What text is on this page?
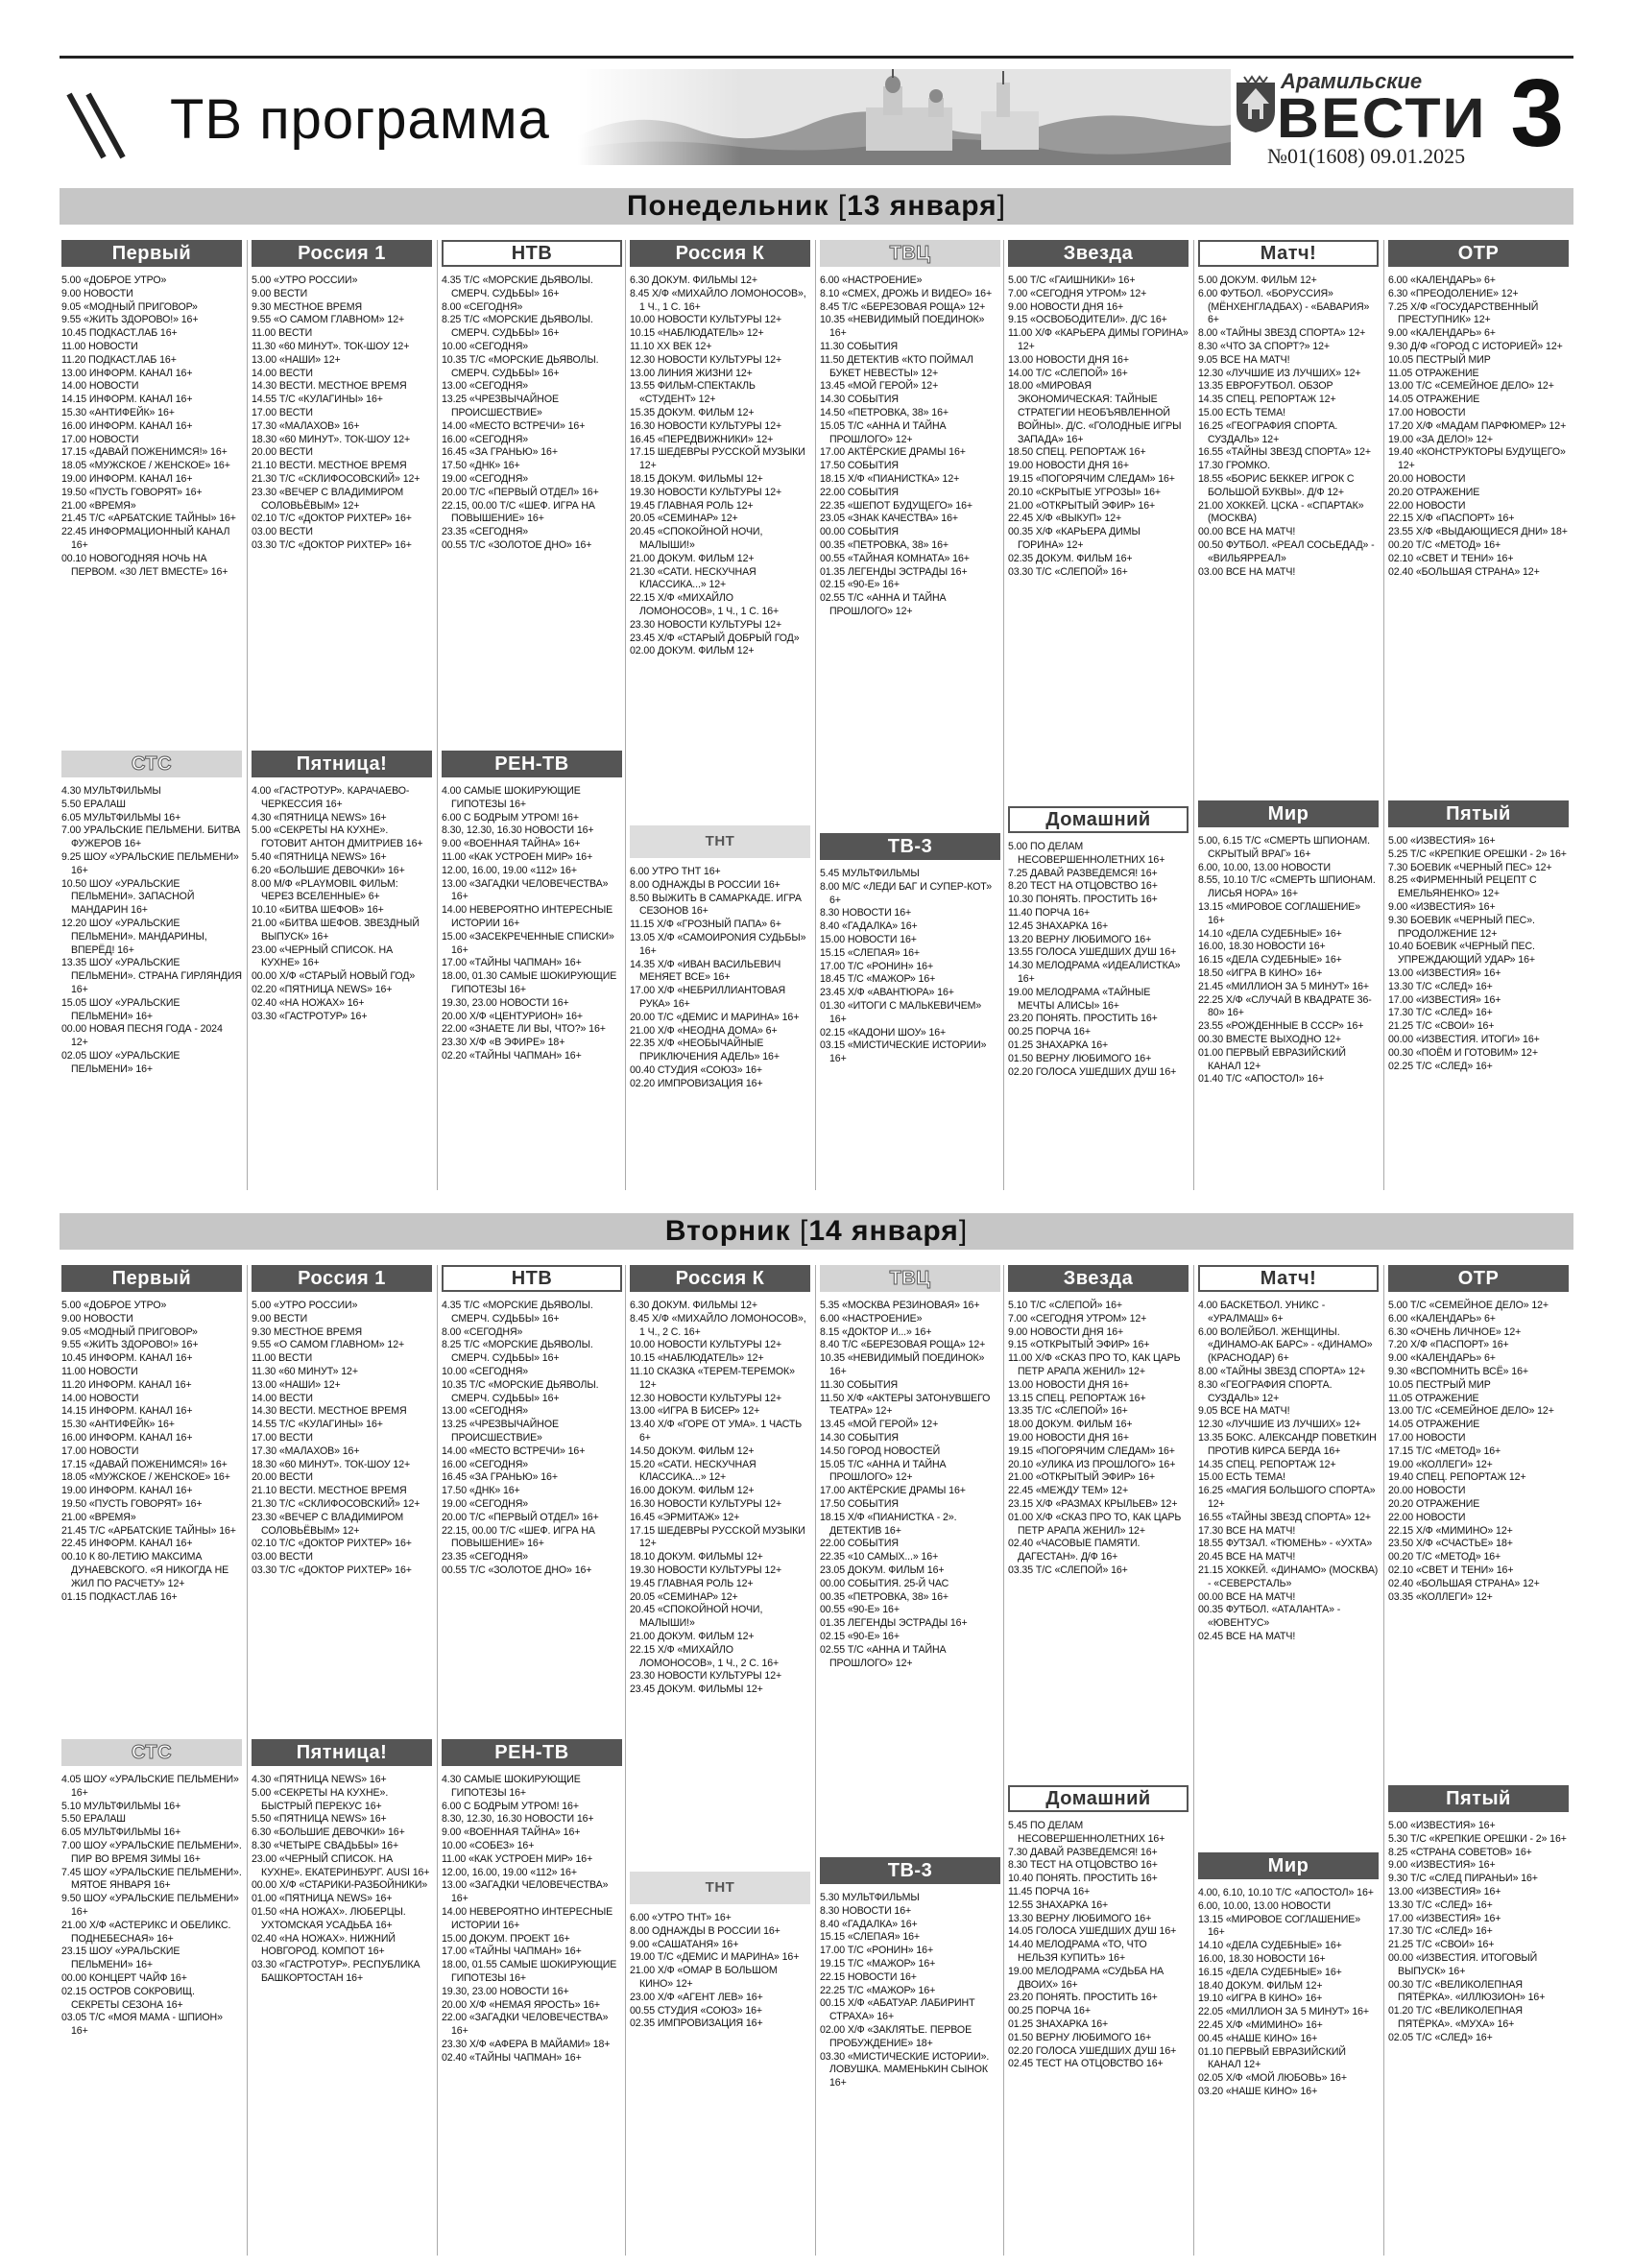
ТВ программа
Арамильские
ВЕСТИ
№01(1608) 09.01.2025 3
Понедельник [13 января]
Первый
5.00 «ДОБРОЕ УТРО»
9.00 НОВОСТИ
9.05 «МОДНЫЙ ПРИГОВОР»
9.55 «ЖИТЬ ЗДОРОВО!» 16+
10.45 ПОДКАСТ.ЛАБ 16+
11.00 НОВОСТИ
11.20 ПОДКАСТ.ЛАБ 16+
13.00 ИНФОРМ. КАНАЛ 16+
14.00 НОВОСТИ
14.15 ИНФОРМ. КАНАЛ 16+
15.30 «АНТИФЕЙК» 16+
16.00 ИНФОРМ. КАНАЛ 16+
17.00 НОВОСТИ
17.15 «ДАВАЙ ПОЖЕНИМСЯ!» 16+
18.05 «МУЖСКОЕ / ЖЕНСКОЕ» 16+
19.00 ИНФОРМ. КАНАЛ 16+
19.50 «ПУСТЬ ГОВОРЯТ» 16+
21.00 «ВРЕМЯ»
21.45 Т/С «АРБАТСКИЕ ТАЙНЫ» 16+
22.45 ИНФОРМАЦИОННЫЙ КАНАЛ 16+
00.10 НОВОГОДНЯЯ НОЧЬ НА ПЕРВОМ. «30 ЛЕТ ВМЕСТЕ» 16+
СТС
4.30 МУЛЬТФИЛЬМЫ
5.50 ЕРАЛАШ
6.05 МУЛЬТФИЛЬМЫ 16+
7.00 УРАЛЬСКИЕ ПЕЛЬМЕНИ. БИТВА ФУЖЕРОВ 16+
9.25 ШОУ «УРАЛЬСКИЕ ПЕЛЬМЕНИ» 16+
10.50 ШОУ «УРАЛЬСКИЕ ПЕЛЬМЕНИ». ЗАПАСНОЙ МАНДАРИН 16+
12.20 ШОУ «УРАЛЬСКИЕ ПЕЛЬМЕНИ». МАНДАРИНЫ, ВПЕРЁД! 16+
13.35 ШОУ «УРАЛЬСКИЕ ПЕЛЬМЕНИ». СТРАНА ГИРЛЯНДИЯ 16+
15.05 ШОУ «УРАЛЬСКИЕ ПЕЛЬМЕНИ» 16+
00.00 НОВАЯ ПЕСНЯ ГОДА - 2024 12+
02.05 ШОУ «УРАЛЬСКИЕ ПЕЛЬМЕНИ» 16+
Россия 1
5.00 «УТРО РОССИИ»
9.00 ВЕСТИ
9.30 МЕСТНОЕ ВРЕМЯ
9.55 «О САМОМ ГЛАВНОМ» 12+
11.00 ВЕСТИ
11.30 «60 МИНУТ». ТОК-ШОУ 12+
13.00 «НАШИ» 12+
14.00 ВЕСТИ
14.30 ВЕСТИ. МЕСТНОЕ ВРЕМЯ
14.55 Т/С «КУЛАГИНЫ» 16+
17.00 ВЕСТИ
17.30 «МАЛАХОВ» 16+
18.30 «60 МИНУТ». ТОК-ШОУ 12+
20.00 ВЕСТИ
21.10 ВЕСТИ. МЕСТНОЕ ВРЕМЯ
21.30 Т/С «СКЛИФОСОВСКИЙ» 12+
23.30 «ВЕЧЕР С ВЛАДИМИРОМ СОЛОВЬЁВЫМ» 12+
02.10 Т/С «ДОКТОР РИХТЕР» 16+
03.00 ВЕСТИ
03.30 Т/С «ДОКТОР РИХТЕР» 16+
Пятница!
4.00 «ГАСТРОТУР». КАРАЧАЕВО-ЧЕРКЕССИЯ 16+
4.30 «ПЯТНИЦА NEWS» 16+
5.00 «СЕКРЕТЫ НА КУХНЕ». ГОТОВИТ АНТОН ДМИТРИЕВ 16+
5.40 «ПЯТНИЦА NEWS» 16+
6.20 «БОЛЬШИЕ ДЕВОЧКИ» 16+
8.00 М/Ф «PLAYMOBIL ФИЛЬМ: ЧЕРЕЗ ВСЕЛЕННЫЕ» 6+
10.10 «БИТВА ШЕФОВ» 16+
21.00 «БИТВА ШЕФОВ. ЗВЕЗДНЫЙ ВЫПУСК» 16+
23.00 «ЧЕРНЫЙ СПИСОК. НА КУХНЕ» 16+
00.00 Х/Ф «СТАРЫЙ НОВЫЙ ГОД»
02.20 «ПЯТНИЦА NEWS» 16+
02.40 «НА НОЖАХ» 16+
03.30 «ГАСТРОТУР» 16+
НТВ
4.35 Т/С «МОРСКИЕ ДЬЯВОЛЫ. СМЕРЧ. СУДЬБЫ» 16+
8.00 «СЕГОДНЯ»
8.25 Т/С «МОРСКИЕ ДЬЯВОЛЫ. СМЕРЧ. СУДЬБЫ» 16+
10.00 «СЕГОДНЯ»
10.35 Т/С «МОРСКИЕ ДЬЯВОЛЫ. СМЕРЧ. СУДЬБЫ» 16+
13.00 «СЕГОДНЯ»
13.25 «ЧРЕЗВЫЧАЙНОЕ ПРОИСШЕСТВИЕ»
14.00 «МЕСТО ВСТРЕЧИ» 16+
16.00 «СЕГОДНЯ»
16.45 «ЗА ГРАНЬЮ» 16+
17.50 «ДНК» 16+
19.00 «СЕГОДНЯ»
20.00 Т/С «ПЕРВЫЙ ОТДЕЛ» 16+
22.15, 00.00 Т/С «ШЕФ. ИГРА НА ПОВЫШЕНИЕ» 16+
23.35 «СЕГОДНЯ»
00.55 Т/С «ЗОЛОТОЕ ДНО» 16+
РЕН-ТВ
4.00 САМЫЕ ШОКИРУЮЩИЕ ГИПОТЕЗЫ 16+
6.00 С БОДРЫМ УТРОМ! 16+
8.30, 12.30, 16.30 НОВОСТИ 16+
9.00 «ВОЕННАЯ ТАЙНА» 16+
11.00 «КАК УСТРОЕН МИР» 16+
12.00, 16.00, 19.00 «112» 16+
13.00 «ЗАГАДКИ ЧЕЛОВЕЧЕСТВА» 16+
14.00 НЕВЕРОЯТНО ИНТЕРЕСНЫЕ ИСТОРИИ 16+
15.00 «ЗАСЕКРЕЧЕННЫЕ СПИСКИ» 16+
17.00 «ТАЙНЫ ЧАПМАН» 16+
18.00, 01.30 САМЫЕ ШОКИРУЮЩИЕ ГИПОТЕЗЫ 16+
19.30, 23.00 НОВОСТИ 16+
20.00 Х/Ф «ЦЕНТУРИОН» 16+
22.00 «ЗНАЕТЕ ЛИ ВЫ, ЧТО?» 16+
23.30 Х/Ф «В ЭФИРЕ» 18+
02.20 «ТАЙНЫ ЧАПМАН» 16+
Россия К
6.30 ДОКУМ. ФИЛЬМЫ 12+
8.45 Х/Ф «МИХАЙЛО ЛОМОНОСОВ», 1 Ч., 1 С. 16+
10.00 НОВОСТИ КУЛЬТУРЫ 12+
10.15 «НАБЛЮДАТЕЛЬ» 12+
11.10 ХХ ВЕК 12+
12.30 НОВОСТИ КУЛЬТУРЫ 12+
13.00 ЛИНИЯ ЖИЗНИ 12+
13.55 ФИЛЬМ-СПЕКТАКЛЬ «СТУДЕНТ» 12+
15.35 ДОКУМ. ФИЛЬМ 12+
16.30 НОВОСТИ КУЛЬТУРЫ 12+
16.45 «ПЕРЕДВИЖНИКИ» 12+
17.15 ШЕДЕВРЫ РУССКОЙ МУЗЫКИ 12+
18.15 ДОКУМ. ФИЛЬМЫ 12+
19.30 НОВОСТИ КУЛЬТУРЫ 12+
19.45 ГЛАВНАЯ РОЛЬ 12+
20.05 «СЕМИНАР» 12+
20.45 «СПОКОЙНОЙ НОЧИ, МАЛЫШИ!»
21.00 ДОКУМ. ФИЛЬМ 12+
21.30 «САТИ. НЕСКУЧНАЯ КЛАССИКА...» 12+
22.15 Х/Ф «МИХАЙЛО ЛОМОНОСОВ», 1 Ч., 1 С. 16+
23.30 НОВОСТИ КУЛЬТУРЫ 12+
23.45 Х/Ф «СТАРЫЙ ДОБРЫЙ ГОД»
02.00 ДОКУМ. ФИЛЬМ 12+
ТНТ
6.00 УТРО ТНТ 16+
8.00 ОДНАЖДЫ В РОССИИ 16+
8.50 ВЫЖИТЬ В САМАРКАДЕ. ИГРА СЕЗОНОВ 16+
11.15 Х/Ф «ГРОЗНЫЙ ПАПА» 6+
13.05 Х/Ф «САМОИРОNИЯ СУДЬБЫ» 16+
14.35 Х/Ф «ИВАН ВАСИЛЬЕВИЧ МЕНЯЕТ ВСЕ» 16+
17.00 Х/Ф «НЕБРИЛЛИАНТОВАЯ РУКА» 16+
20.00 Т/С «ДЕМИС И МАРИНА» 16+
21.00 Х/Ф «НЕОДНА ДОМА» 6+
22.35 Х/Ф «НЕОБЫЧАЙНЫЕ ПРИКЛЮЧЕНИЯ АДЕЛЬ» 16+
00.40 СТУДИЯ «СОЮЗ» 16+
02.20 ИМПРОВИЗАЦИЯ 16+
ТВЦ
6.00 «НАСТРОЕНИЕ»
8.10 «СМЕХ, ДРОЖЬ И ВИДЕО» 16+
8.45 Т/С «БЕРЕЗОВАЯ РОЩА» 12+
10.35 «НЕВИДИМЫЙ ПОЕДИНОК» 16+
11.30 СОБЫТИЯ
11.50 ДЕТЕКТИВ «КТО ПОЙМАЛ БУКЕТ НЕВЕСТЫ» 12+
13.45 «МОЙ ГЕРОЙ» 12+
14.30 СОБЫТИЯ
14.50 «ПЕТРОВКА, 38» 16+
15.05 Т/С «АННА И ТАЙНА ПРОШЛОГО» 12+
17.00 АКТЁРСКИЕ ДРАМЫ 16+
17.50 СОБЫТИЯ
18.15 Х/Ф «ПИАНИСТКА» 12+
22.00 СОБЫТИЯ
22.35 «ШЕПОТ БУДУЩЕГО» 16+
23.05 «ЗНАК КАЧЕСТВА» 16+
00.00 СОБЫТИЯ
00.35 «ПЕТРОВКА, 38» 16+
00.55 «ТАЙНАЯ КОМНАТА» 16+
01.35 ЛЕГЕНДЫ ЭСТРАДЫ 16+
02.15 «90-Е» 16+
02.55 Т/С «АННА И ТАЙНА ПРОШЛОГО» 12+
ТВ-3
5.45 МУЛЬТФИЛЬМЫ
8.00 М/С «ЛЕДИ БАГ И СУПЕР-КОТ» 6+
8.30 НОВОСТИ 16+
8.40 «ГАДАЛКА» 16+
15.00 НОВОСТИ 16+
15.15 «СЛЕПАЯ» 16+
17.00 Т/С «РОНИН» 16+
18.45 Т/С «МАЖОР» 16+
23.45 Х/Ф «АВАНТЮРА» 16+
01.30 «ИТОГИ С МАЛЬКЕВИЧЕМ» 16+
02.15 «КАДОНИ ШОУ» 16+
03.15 «МИСТИЧЕСКИЕ ИСТОРИИ» 16+
Звезда
5.00 Т/С «ГАИШНИКИ» 16+
7.00 «СЕГОДНЯ УТРОМ» 12+
9.00 НОВОСТИ ДНЯ 16+
9.15 «ОСВОБОДИТЕЛИ». Д/С 16+
11.00 Х/Ф «КАРЬЕРА ДИМЫ ГОРИНА» 12+
13.00 НОВОСТИ ДНЯ 16+
14.00 Т/С «СЛЕПОЙ» 16+
18.00 «МИРОВАЯ ЭКОНОМИЧЕСКАЯ: ТАЙНЫЕ СТРАТЕГИИ НЕОБЪЯВЛЕННОЙ ВОЙНЫ». Д/С. «ГОЛОДНЫЕ ИГРЫ ЗАПАДА» 16+
18.50 СПЕЦ. РЕПОРТАЖ 16+
19.00 НОВОСТИ ДНЯ 16+
19.15 «ПОГОРЯЧИМ СЛЕДАМ» 16+
20.10 «СКРЫТЫЕ УГРОЗЫ» 16+
21.00 «ОТКРЫТЫЙ ЭФИР» 16+
22.45 Х/Ф «ВЫКУП» 12+
00.35 Х/Ф «КАРЬЕРА ДИМЫ ГОРИНА» 12+
02.35 ДОКУМ. ФИЛЬМ 16+
03.30 Т/С «СЛЕПОЙ» 16+
Домашний
5.00 ПО ДЕЛАМ НЕСОВЕРШЕННОЛЕТНИХ 16+
7.25 ДАВАЙ РАЗВЕДЕМСЯ! 16+
8.20 ТЕСТ НА ОТЦОВСТВО 16+
10.30 ПОНЯТЬ. ПРОСТИТЬ 16+
11.40 ПОРЧА 16+
12.45 ЗНАХАРКА 16+
13.20 ВЕРНУ ЛЮБИМОГО 16+
13.55 ГОЛОСА УШЕДШИХ ДУШ 16+
14.30 МЕЛОДРАМА «ИДЕАЛИСТКА» 16+
19.00 МЕЛОДРАМА «ТАЙНЫЕ МЕЧТЫ АЛИСЫ» 16+
23.20 ПОНЯТЬ. ПРОСТИТЬ 16+
00.25 ПОРЧА 16+
01.25 ЗНАХАРКА 16+
01.50 ВЕРНУ ЛЮБИМОГО 16+
02.20 ГОЛОСА УШЕДШИХ ДУШ 16+
Матч!
5.00 ДОКУМ. ФИЛЬМ 12+
6.00 ФУТБОЛ. «БОРУССИЯ» (МЁНХЕНГЛАДБАХ) - «БАВАРИЯ» 6+
8.00 «ТАЙНЫ ЗВЕЗД СПОРТА» 12+
8.30 «ЧТО ЗА СПОРТ?» 12+
9.05 ВСЕ НА МАТЧ!
12.30 «ЛУЧШИЕ ИЗ ЛУЧШИХ» 12+
13.35 ЕВРОFУТБОЛ. ОБЗОР
14.35 СПЕЦ. РЕПОРТАЖ 12+
15.00 ЕСТЬ ТЕМА!
16.25 «ГЕОГРАФИЯ СПОРТА. СУЗДАЛЬ» 12+
16.55 «ТАЙНЫ ЗВЕЗД СПОРТА» 12+
17.30 ГРОМКО.
18.55 «БОРИС БЕККЕР. ИГРОК С БОЛЬШОЙ БУКВЫ». Д/Ф 12+
21.00 ХОККЕЙ. ЦСКА - «СПАРТАК» (МОСКВА)
00.00 ВСЕ НА МАТЧ!
00.50 ФУТБОЛ. «РЕАЛ СОСЬЕДАД» - «ВИЛЬЯРРЕАЛ»
03.00 ВСЕ НА МАТЧ!
Мир
5.00, 6.15 Т/С «СМЕРТЬ ШПИОНАМ. СКРЫТЫЙ ВРАГ» 16+
6.00, 10.00, 13.00 НОВОСТИ
8.55, 10.10 Т/С «СМЕРТЬ ШПИОНАМ. ЛИСЬЯ НОРА» 16+
13.15 «МИРОВОЕ СОГЛАШЕНИЕ» 16+
14.10 «ДЕЛА СУДЕБНЫЕ» 16+
16.00, 18.30 НОВОСТИ 16+
16.15 «ДЕЛА СУДЕБНЫЕ» 16+
18.50 «ИГРА В КИНО» 16+
21.45 «МИЛЛИОН ЗА 5 МИНУТ» 16+
22.25 Х/Ф «СЛУЧАЙ В КВАДРАТЕ 36-80» 16+
23.55 «РОЖДЕННЫЕ В СССР» 16+
00.30 ВМЕСТЕ ВЫХОДНО 12+
01.00 ПЕРВЫЙ ЕВРАЗИЙСКИЙ КАНАЛ 12+
01.40 Т/С «АПОСТОЛ» 16+
ОТР
6.00 «КАЛЕНДАРЬ» 6+
6.30 «ПРЕОДОЛЕНИЕ» 12+
7.25 Х/Ф «ГОСУДАРСТВЕННЫЙ ПРЕСТУПНИК» 12+
9.00 «КАЛЕНДАРЬ» 6+
9.30 Д/Ф «ГОРОД С ИСТОРИЕЙ» 12+
10.05 ПЕСТРЫЙ МИР
11.05 ОТРАЖЕНИЕ
13.00 Т/С «СЕМЕЙНОЕ ДЕЛО» 12+
14.05 ОТРАЖЕНИЕ
17.00 НОВОСТИ
17.20 Х/Ф «МАДАМ ПАРФЮМЕР» 12+
19.00 «ЗА ДЕЛО!» 12+
19.40 «КОНСТРУКТОРЫ БУДУЩЕГО» 12+
20.00 НОВОСТИ
20.20 ОТРАЖЕНИЕ
22.00 НОВОСТИ
22.15 Х/Ф «ПАСПОРТ» 16+
23.55 Х/Ф «ВЫДАЮЩИЕСЯ ДНИ» 18+
00.20 Т/С «МЕТОД» 16+
02.10 «СВЕТ И ТЕНИ» 16+
02.40 «БОЛЬШАЯ СТРАНА» 12+
Пятый
5.00 «ИЗВЕСТИЯ» 16+
5.25 Т/С «КРЕПКИЕ ОРЕШКИ - 2» 16+
7.30 БОЕВИК «ЧЕРНЫЙ ПЕС» 12+
8.25 «ФИРМЕННЫЙ РЕЦЕПТ С ЕМЕЛЬЯНЕНКО» 12+
9.00 «ИЗВЕСТИЯ» 16+
9.30 БОЕВИК «ЧЕРНЫЙ ПЕС». ПРОДОЛЖЕНИЕ 12+
10.40 БОЕВИК «ЧЕРНЫЙ ПЕС. УПРЕЖДАЮЩИЙ УДАР» 16+
13.00 «ИЗВЕСТИЯ» 16+
13.30 Т/С «СЛЕД» 16+
17.00 «ИЗВЕСТИЯ» 16+
17.30 Т/С «СЛЕД» 16+
21.25 Т/С «СВОИ» 16+
00.00 «ИЗВЕСТИЯ. ИТОГИ» 16+
00.30 «ПОЁМ И ГОТОВИМ» 12+
02.25 Т/С «СЛЕД» 16+
Вторник [14 января]
Первый
5.00 «ДОБРОЕ УТРО»
9.00 НОВОСТИ
9.05 «МОДНЫЙ ПРИГОВОР»
9.55 «ЖИТЬ ЗДОРОВО!» 16+
10.45 ИНФОРМ. КАНАЛ 16+
11.00 НОВОСТИ
11.20 ИНФОРМ. КАНАЛ 16+
14.00 НОВОСТИ
14.15 ИНФОРМ. КАНАЛ 16+
15.30 «АНТИФЕЙК» 16+
16.00 ИНФОРМ. КАНАЛ 16+
17.00 НОВОСТИ
17.15 «ДАВАЙ ПОЖЕНИМСЯ!» 16+
18.05 «МУЖСКОЕ / ЖЕНСКОЕ» 16+
19.00 ИНФОРМ. КАНАЛ 16+
19.50 «ПУСТЬ ГОВОРЯТ» 16+
21.00 «ВРЕМЯ»
21.45 Т/С «АРБАТСКИЕ ТАЙНЫ» 16+
22.45 ИНФОРМ. КАНАЛ 16+
00.10 К 80-ЛЕТИЮ МАКСИМА ДУНАЕВСКОГО. «Я НИКОГДА НЕ ЖИЛ ПО РАСЧЕТУ» 12+
01.15 ПОДКАСТ.ЛАБ 16+
СТС
4.05 ШОУ «УРАЛЬСКИЕ ПЕЛЬМЕНИ» 16+
5.10 МУЛЬТФИЛЬМЫ 16+
5.50 ЕРАЛАШ
6.05 МУЛЬТФИЛЬМЫ 16+
7.00 ШОУ «УРАЛЬСКИЕ ПЕЛЬМЕНИ». ПИР ВО ВРЕМЯ ЗИМЫ 16+
7.45 ШОУ «УРАЛЬСКИЕ ПЕЛЬМЕНИ». МЯТОЕ ЯНВАРЯ 16+
9.50 ШОУ «УРАЛЬСКИЕ ПЕЛЬМЕНИ» 16+
21.00 Х/Ф «АСТЕРИКС И ОБЕЛИКС. ПОДНЕБЕСНАЯ» 16+
23.15 ШОУ «УРАЛЬСКИЕ ПЕЛЬМЕНИ» 16+
00.00 КОНЦЕРТ ЧАЙФ 16+
02.15 ОСТРОВ СОКРОВИЩ. СЕКРЕТЫ СЕЗОНА 16+
03.05 Т/С «МОЯ МАМА - ШПИОН» 16+
Россия 1
5.00 «УТРО РОССИИ»
9.00 ВЕСТИ
9.30 МЕСТНОЕ ВРЕМЯ
9.55 «О САМОМ ГЛАВНОМ» 12+
11.00 ВЕСТИ
11.30 «60 МИНУТ» 12+
13.00 «НАШИ» 12+
14.00 ВЕСТИ
14.30 ВЕСТИ. МЕСТНОЕ ВРЕМЯ
14.55 Т/С «КУЛАГИНЫ» 16+
17.00 ВЕСТИ
17.30 «МАЛАХОВ» 16+
18.30 «60 МИНУТ». ТОК-ШОУ 12+
20.00 ВЕСТИ
21.10 ВЕСТИ. МЕСТНОЕ ВРЕМЯ
21.30 Т/С «СКЛИФОСОВСКИЙ» 12+
23.30 «ВЕЧЕР С ВЛАДИМИРОМ СОЛОВЬЁВЫМ» 12+
02.10 Т/С «ДОКТОР РИХТЕР» 16+
03.00 ВЕСТИ
03.30 Т/С «ДОКТОР РИХТЕР» 16+
Пятница!
4.30 «ПЯТНИЦА NEWS» 16+
5.00 «СЕКРЕТЫ НА КУХНЕ». БЫСТРЫЙ ПЕРЕКУС 16+
5.50 «ПЯТНИЦА NEWS» 16+
6.30 «БОЛЬШИЕ ДЕВОЧКИ» 16+
8.30 «ЧЕТЫРЕ СВАДЬБЫ» 16+
23.00 «ЧЕРНЫЙ СПИСОК. НА КУХНЕ». ЕКАТЕРИНБУРГ. AUSI 16+
00.00 Х/Ф «СТАРИКИ-РАЗБОЙНИКИ»
01.00 «ПЯТНИЦА NEWS» 16+
01.50 «НА НОЖАХ». ЛЮБЕРЦЫ. УХТОМСКАЯ УСАДЬБА 16+
02.40 «НА НОЖАХ». НИЖНИЙ НОВГОРОД. КОМПОТ 16+
03.30 «ГАСТРОТУР». РЕСПУБЛИКА БАШКОРТОСТАН 16+
НТВ
4.35 Т/С «МОРСКИЕ ДЬЯВОЛЫ. СМЕРЧ. СУДЬБЫ» 16+
8.00 «СЕГОДНЯ»
8.25 Т/С «МОРСКИЕ ДЬЯВОЛЫ. СМЕРЧ. СУДЬБЫ» 16+
10.00 «СЕГОДНЯ»
10.35 Т/С «МОРСКИЕ ДЬЯВОЛЫ. СМЕРЧ. СУДЬБЫ» 16+
13.00 «СЕГОДНЯ»
13.25 «ЧРЕЗВЫЧАЙНОЕ ПРОИСШЕСТВИЕ»
14.00 «МЕСТО ВСТРЕЧИ» 16+
16.00 «СЕГОДНЯ»
16.45 «ЗА ГРАНЬЮ» 16+
17.50 «ДНК» 16+
19.00 «СЕГОДНЯ»
20.00 Т/С «ПЕРВЫЙ ОТДЕЛ» 16+
22.15, 00.00 Т/С «ШЕФ. ИГРА НА ПОВЫШЕНИЕ» 16+
23.35 «СЕГОДНЯ»
00.55 Т/С «ЗОЛОТОЕ ДНО» 16+
РЕН-ТВ
4.30 САМЫЕ ШОКИРУЮЩИЕ ГИПОТЕЗЫ 16+
6.00 С БОДРЫМ УТРОМ! 16+
8.30, 12.30, 16.30 НОВОСТИ 16+
9.00 «ВОЕННАЯ ТАЙНА» 16+
10.00 «СОБЕЗ» 16+
11.00 «КАК УСТРОЕН МИР» 16+
12.00, 16.00, 19.00 «112» 16+
13.00 «ЗАГАДКИ ЧЕЛОВЕЧЕСТВА» 16+
14.00 НЕВЕРОЯТНО ИНТЕРЕСНЫЕ ИСТОРИИ 16+
15.00 ДОКУМ. ПРОЕКТ 16+
17.00 «ТАЙНЫ ЧАПМАН» 16+
18.00, 01.55 САМЫЕ ШОКИРУЮЩИЕ ГИПОТЕЗЫ 16+
19.30, 23.00 НОВОСТИ 16+
20.00 Х/Ф «НЕМАЯ ЯРОСТЬ» 16+
22.00 «ЗАГАДКИ ЧЕЛОВЕЧЕСТВА» 16+
23.30 Х/Ф «АФЕРА В МАЙАМИ» 18+
02.40 «ТАЙНЫ ЧАПМАН» 16+
Россия К
6.30 ДОКУМ. ФИЛЬМЫ 12+
8.45 Х/Ф «МИХАЙЛО ЛОМОНОСОВ», 1 Ч., 2 С. 16+
10.00 НОВОСТИ КУЛЬТУРЫ 12+
10.15 «НАБЛЮДАТЕЛЬ» 12+
11.10 СКАЗКА «ТЕРЕМ-ТЕРЕМОК» 12+
12.30 НОВОСТИ КУЛЬТУРЫ 12+
13.00 «ИГРА В БИСЕР» 12+
13.40 Х/Ф «ГОРЕ ОТ УМА». 1 ЧАСТЬ 6+
14.50 ДОКУМ. ФИЛЬМ 12+
15.20 «САТИ. НЕСКУЧНАЯ КЛАССИКА...» 12+
16.00 ДОКУМ. ФИЛЬМ 12+
16.30 НОВОСТИ КУЛЬТУРЫ 12+
16.45 «ЭРМИТАЖ» 12+
17.15 ШЕДЕВРЫ РУССКОЙ МУЗЫКИ 12+
18.10 ДОКУМ. ФИЛЬМЫ 12+
19.30 НОВОСТИ КУЛЬТУРЫ 12+
19.45 ГЛАВНАЯ РОЛЬ 12+
20.05 «СЕМИНАР» 12+
20.45 «СПОКОЙНОЙ НОЧИ, МАЛЫШИ!»
21.00 ДОКУМ. ФИЛЬМ 12+
22.15 Х/Ф «МИХАЙЛО ЛОМОНОСОВ», 1 Ч., 2 С. 16+
23.30 НОВОСТИ КУЛЬТУРЫ 12+
23.45 ДОКУМ. ФИЛЬМЫ 12+
ТНТ
6.00 «УТРО ТНТ» 16+
8.00 ОДНАЖДЫ В РОССИИ 16+
9.00 «САШАТАНЯ» 16+
19.00 Т/С «ДЕМИС И МАРИНА» 16+
21.00 Х/Ф «ОМАР В БОЛЬШОМ КИНО» 12+
23.00 Х/Ф «АГЕНТ ЛЕВ» 16+
00.55 СТУДИЯ «СОЮЗ» 16+
02.35 ИМПРОВИЗАЦИЯ 16+
ТВЦ
5.35 «МОСКВА РЕЗИНОВАЯ» 16+
6.00 «НАСТРОЕНИЕ»
8.15 «ДОКТОР И...» 16+
8.40 Т/С «БЕРЕЗОВАЯ РОЩА» 12+
10.35 «НЕВИДИМЫЙ ПОЕДИНОК» 16+
11.30 СОБЫТИЯ
11.50 Х/Ф «АКТЕРЫ ЗАТОНУВШЕГО ТЕАТРА» 12+
13.45 «МОЙ ГЕРОЙ» 12+
14.30 СОБЫТИЯ
14.50 ГОРОД НОВОСТЕЙ
15.05 Т/С «АННА И ТАЙНА ПРОШЛОГО» 12+
17.00 АКТЁРСКИЕ ДРАМЫ 16+
17.50 СОБЫТИЯ
18.15 Х/Ф «ПИАНИСТКА - 2». ДЕТЕКТИВ 16+
22.00 СОБЫТИЯ
22.35 «10 САМЫХ...» 16+
23.05 ДОКУМ. ФИЛЬМ 16+
00.00 СОБЫТИЯ. 25-Й ЧАС
00.35 «ПЕТРОВКА, 38» 16+
00.55 «90-Е» 16+
01.35 ЛЕГЕНДЫ ЭСТРАДЫ 16+
02.15 «90-Е» 16+
02.55 Т/С «АННА И ТАЙНА ПРОШЛОГО» 12+
ТВ-3
5.30 МУЛЬТФИЛЬМЫ
8.30 НОВОСТИ 16+
8.40 «ГАДАЛКА» 16+
15.15 «СЛЕПАЯ» 16+
17.00 Т/С «РОНИН» 16+
19.15 Т/С «МАЖОР» 16+
22.15 НОВОСТИ 16+
22.25 Т/С «МАЖОР» 16+
00.15 Х/Ф «АБАТУАР. ЛАБИРИНТ СТРАХА» 16+
02.00 Х/Ф «ЗАКЛЯТЬЕ. ПЕРВОЕ ПРОБУЖДЕНИЕ» 18+
03.30 «МИСТИЧЕСКИЕ ИСТОРИИ». ЛОВУШКА. МАМЕНЬКИН СЫНОК 16+
Звезда
5.10 Т/С «СЛЕПОЙ» 16+
7.00 «СЕГОДНЯ УТРОМ» 12+
9.00 НОВОСТИ ДНЯ 16+
9.15 «ОТКРЫТЫЙ ЭФИР» 16+
11.00 Х/Ф «СКАЗ ПРО ТО, КАК ЦАРЬ ПЕТР АРАПА ЖЕНИЛ» 12+
13.00 НОВОСТИ ДНЯ 16+
13.15 СПЕЦ. РЕПОРТАЖ 16+
13.35 Т/С «СЛЕПОЙ» 16+
18.00 ДОКУМ. ФИЛЬМ 16+
19.00 НОВОСТИ ДНЯ 16+
19.15 «ПОГОРЯЧИМ СЛЕДАМ» 16+
20.10 «УЛИКА ИЗ ПРОШЛОГО» 16+
21.00 «ОТКРЫТЫЙ ЭФИР» 16+
22.45 «МЕЖДУ ТЕМ» 12+
23.15 Х/Ф «РАЗМАХ КРЫЛЬЕВ» 12+
01.00 Х/Ф «СКАЗ ПРО ТО, КАК ЦАРЬ ПЕТР АРАПА ЖЕНИЛ» 12+
02.40 «ЧАСОВЫЕ ПАМЯТИ. ДАГЕСТАН». Д/Ф 16+
03.35 Т/С «СЛЕПОЙ» 16+
Домашний
5.45 ПО ДЕЛАМ НЕСОВЕРШЕННОЛЕТНИХ 16+
7.30 ДАВАЙ РАЗВЕДЕМСЯ! 16+
8.30 ТЕСТ НА ОТЦОВСТВО 16+
10.40 ПОНЯТЬ. ПРОСТИТЬ 16+
11.45 ПОРЧА 16+
12.55 ЗНАХАРКА 16+
13.30 ВЕРНУ ЛЮБИМОГО 16+
14.05 ГОЛОСА УШЕДШИХ ДУШ 16+
14.40 МЕЛОДРАМА «ТО, ЧТО НЕЛЬЗЯ КУПИТЬ» 16+
19.00 МЕЛОДРАМА «СУДЬБА НА ДВОИХ» 16+
23.20 ПОНЯТЬ. ПРОСТИТЬ 16+
00.25 ПОРЧА 16+
01.25 ЗНАХАРКА 16+
01.50 ВЕРНУ ЛЮБИМОГО 16+
02.20 ГОЛОСА УШЕДШИХ ДУШ 16+
02.45 ТЕСТ НА ОТЦОВСТВО 16+
Матч!
4.00 БАСКЕТБОЛ. УНИКС - «УРАЛМАШ» 6+
6.00 ВОЛЕЙБОЛ. ЖЕНЩИНЫ. «ДИНАМО-АК БАРС» - «ДИНАМО» (КРАСНОДАР) 6+
8.00 «ТАЙНЫ ЗВЕЗД СПОРТА» 12+
8.30 «ГЕОГРАФИЯ СПОРТА. СУЗДАЛЬ» 12+
9.05 ВСЕ НА МАТЧ!
12.30 «ЛУЧШИЕ ИЗ ЛУЧШИХ» 12+
13.35 БОКС. АЛЕКСАНДР ПОВЕТКИН ПРОТИВ КИРСА БЕРДА 16+
14.35 СПЕЦ. РЕПОРТАЖ 12+
15.00 ЕСТЬ ТЕМА!
16.25 «МАГИЯ БОЛЬШОГО СПОРТА» 12+
16.55 «ТАЙНЫ ЗВЕЗД СПОРТА» 12+
17.30 ВСЕ НА МАТЧ!
18.55 ФУТЗАЛ. «ТЮМЕНЬ» - «УХТА»
20.45 ВСЕ НА МАТЧ!
21.15 ХОККЕЙ. «ДИНАМО» (МОСКВА) - «СЕВЕРСТАЛЬ»
00.00 ВСЕ НА МАТЧ!
00.35 ФУТБОЛ. «АТАЛАНТА» - «ЮВЕНТУС»
02.45 ВСЕ НА МАТЧ!
Мир
4.00, 6.10, 10.10 Т/С «АПОСТОЛ» 16+
6.00, 10.00, 13.00 НОВОСТИ
13.15 «МИРОВОЕ СОГЛАШЕНИЕ» 16+
14.10 «ДЕЛА СУДЕБНЫЕ» 16+
16.00, 18.30 НОВОСТИ 16+
16.15 «ДЕЛА СУДЕБНЫЕ» 16+
18.40 ДОКУМ. ФИЛЬМ 12+
19.10 «ИГРА В КИНО» 16+
22.05 «МИЛЛИОН ЗА 5 МИНУТ» 16+
22.45 Х/Ф «МИМИНО» 16+
00.45 «НАШЕ КИНО» 16+
01.10 ПЕРВЫЙ ЕВРАЗИЙСКИЙ КАНАЛ 12+
02.05 Х/Ф «МОЙ ЛЮБОВЬ» 16+
03.20 «НАШЕ КИНО» 16+
ОТР
5.00 Т/С «СЕМЕЙНОЕ ДЕЛО» 12+
6.00 «КАЛЕНДАРЬ» 6+
6.30 «ОЧЕНЬ ЛИЧНОЕ» 12+
7.20 Х/Ф «ПАСПОРТ» 16+
9.00 «КАЛЕНДАРЬ» 6+
9.30 «ВСПОМНИТЬ ВСЁ» 16+
10.05 ПЕСТРЫЙ МИР
11.05 ОТРАЖЕНИЕ
13.00 Т/С «СЕМЕЙНОЕ ДЕЛО» 12+
14.05 ОТРАЖЕНИЕ
17.00 НОВОСТИ
17.15 Т/С «МЕТОД» 16+
19.00 «КОЛЛЕГИ» 12+
19.40 СПЕЦ. РЕПОРТАЖ 12+
20.00 НОВОСТИ
20.20 ОТРАЖЕНИЕ
22.00 НОВОСТИ
22.15 Х/Ф «МИМИНО» 12+
23.50 Х/Ф «СЧАСТЬЕ» 18+
00.20 Т/С «МЕТОД» 16+
02.10 «СВЕТ И ТЕНИ» 16+
02.40 «БОЛЬШАЯ СТРАНА» 12+
03.35 «КОЛЛЕГИ» 12+
Пятый
5.00 «ИЗВЕСТИЯ» 16+
5.30 Т/С «КРЕПКИЕ ОРЕШКИ - 2» 16+
8.25 «СТРАНА СОВЕТОВ» 16+
9.00 «ИЗВЕСТИЯ» 16+
9.30 Т/С «СЛЕД ПИРАНЬИ» 16+
13.00 «ИЗВЕСТИЯ» 16+
13.30 Т/С «СЛЕД» 16+
17.00 «ИЗВЕСТИЯ» 16+
17.30 Т/С «СЛЕД» 16+
21.25 Т/С «СВОИ» 16+
00.00 «ИЗВЕСТИЯ. ИТОГОВЫЙ ВЫПУСК» 16+
00.30 Т/С «ВЕЛИКОЛЕПНАЯ ПЯТЁРКА». «ИЛЛЮЗИОН» 16+
01.20 Т/С «ВЕЛИКОЛЕПНАЯ ПЯТЁРКА». «МУХА» 16+
02.05 Т/С «СЛЕД» 16+
